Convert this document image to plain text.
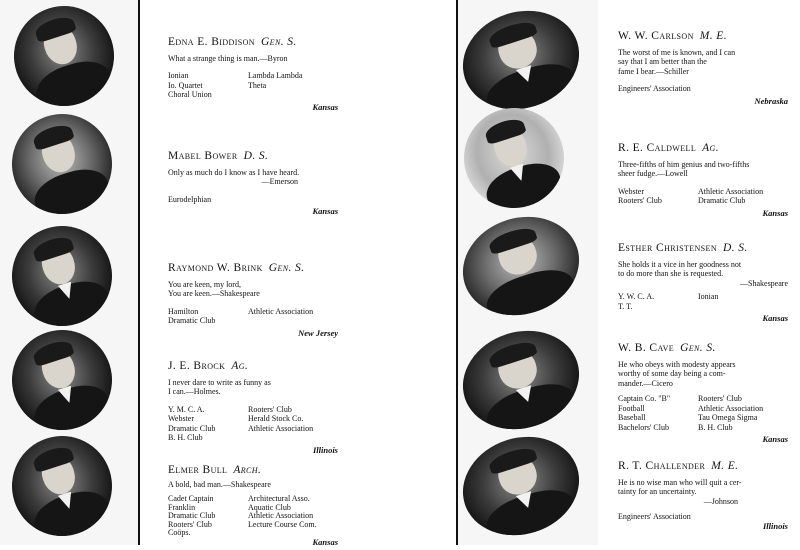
Edna E. Biddison Gen. S.
What a strange thing is man.—Byron
Ionian	Lambda Lambda
Io. Quartet	Theta
Choral Union
Kansas
Mabel Bower D. S.
Only as much do I know as I have heard.
—Emerson
Eurodelphian
Kansas
Raymond W. Brink Gen. S.
You are keen, my lord,
You are keen.—Shakespeare
Hamilton	Athletic Association
Dramatic Club
New Jersey
J. E. Brock Ag.
I never dare to write as funny as
I can.—Holmes.
Y. M. C. A.	Rooters' Club
Webster	Herald Stock Co.
Dramatic Club	Athletic Association
B. H. Club
Illinois
Elmer Bull Arch.
A bold, bad man.—Shakespeare
Cadet Captain	Architectural Asso.
Franklin	Aquatic Club
Dramatic Club	Athletic Association
Rooters' Club	Lecture Course Com.
Coöps.
Kansas
W. W. Carlson M. E.
The worst of me is known, and I can
say that I am better than the
fame I bear.—Schiller
Engineers' Association
Nebraska
R. E. Caldwell Ag.
Three-fifths of him genius and two-fifths
sheer fudge.—Lowell
Webster	Athletic Association
Rooters' Club	Dramatic Club
Kansas
Esther Christensen D. S.
She holds it a vice in her goodness not
to do more than she is requested.
—Shakespeare
Y. W. C. A.	Ionian
T. T.
Kansas
W. B. Cave Gen. S.
He who obeys with modesty appears
worthy of some day being a com-
mander.—Cicero
Captain Co. "B"	Rooters' Club
Football	Athletic Association
Baseball	Tau Omega Sigma
Bachelors' Club	B. H. Club
Kansas
R. T. Challender M. E.
He is no wise man who will quit a cer-
tainty for an uncertainty.
—Johnson
Engineers' Association
Illinois
